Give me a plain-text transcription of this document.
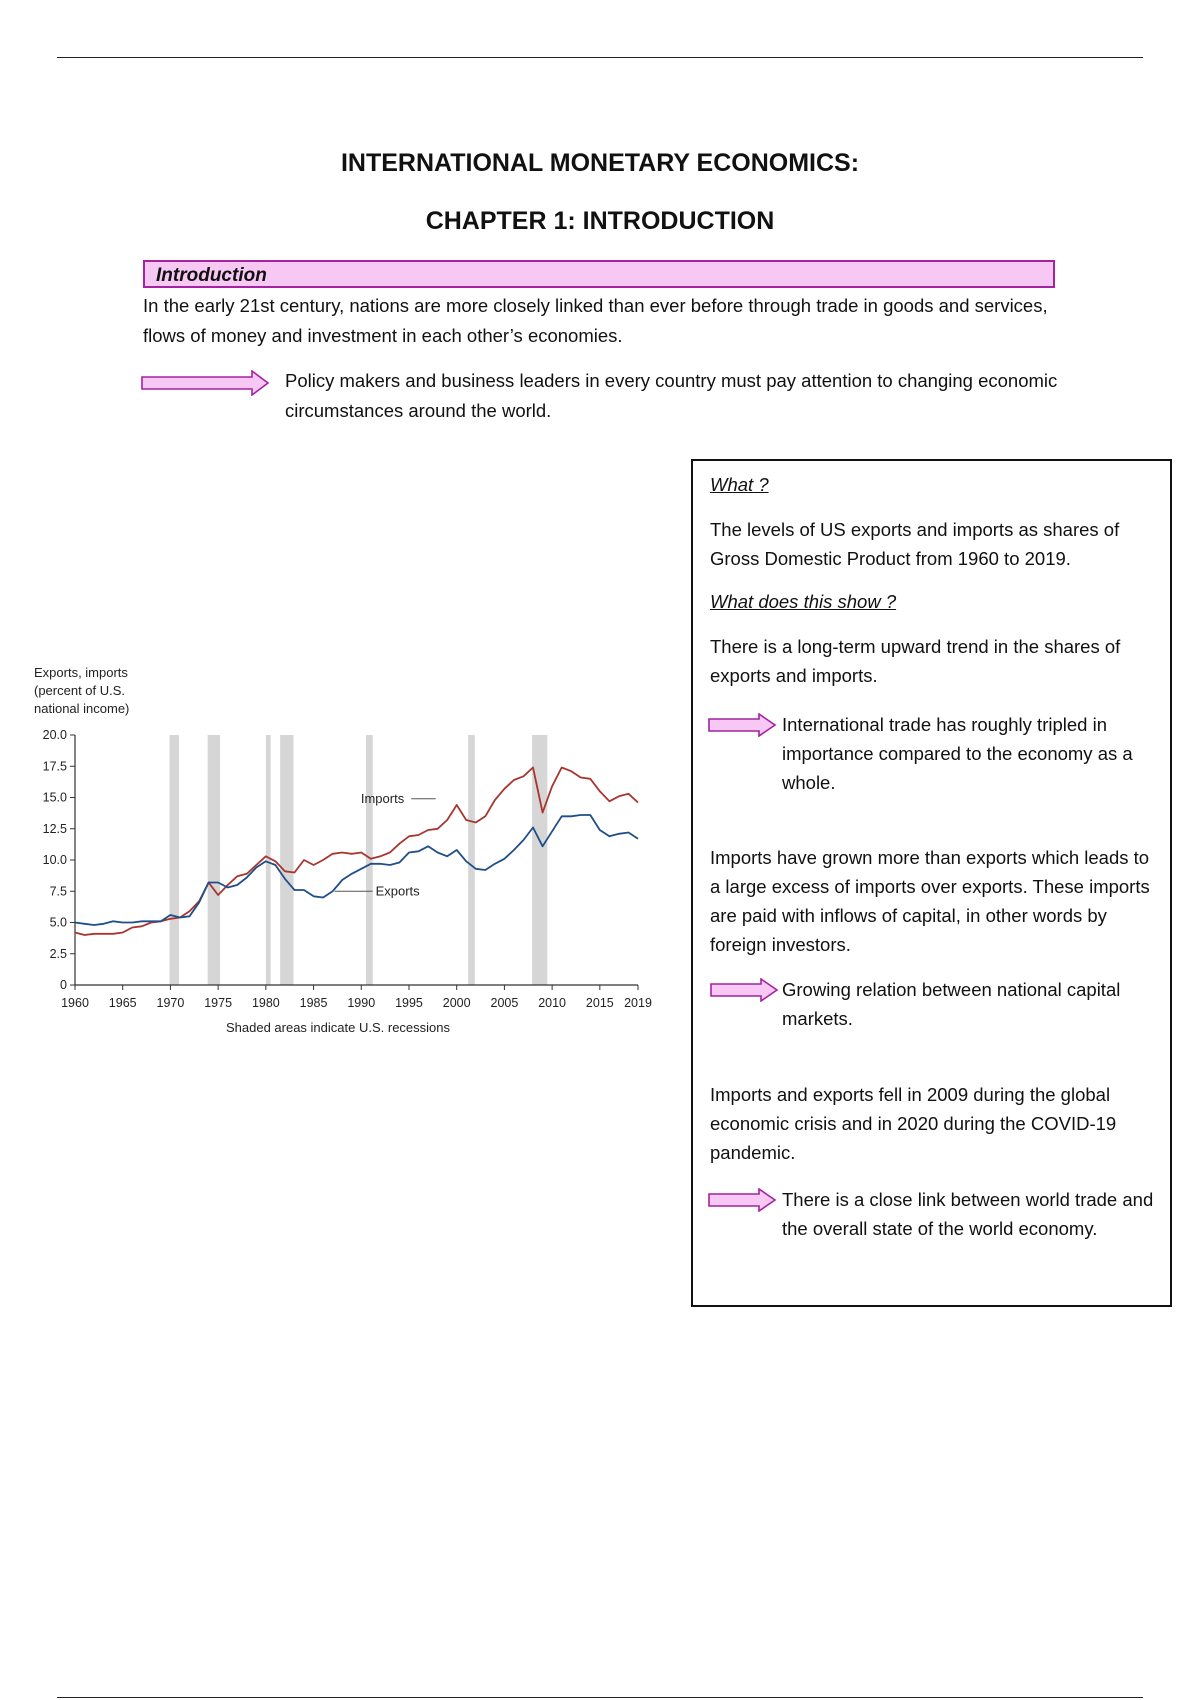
INTERNATIONAL MONETARY ECONOMICS:
CHAPTER 1: INTRODUCTION
Introduction
In the early 21st century, nations are more closely linked than ever before through trade in goods and services, flows of money and investment in each other’s economies.
Policy makers and business leaders in every country must pay attention to changing economic circumstances around the world.
Exports, imports
(percent of U.S.
national income)
0
2.5
5.0
7.5
10.0
12.5
15.0
17.5
20.0
1960 1965 1970 1975 1980 1985 1990 1995 2000 2005 2010 2015 2019
Imports
Exports
Shaded areas indicate U.S. recessions
What ?
The levels of US exports and imports as shares of Gross Domestic Product from 1960 to 2019.
What does this show ?
There is a long-term upward trend in the shares of exports and imports.
International trade has roughly tripled in importance compared to the economy as a whole.
Imports have grown more than exports which leads to a large excess of imports over exports. These imports are paid with inflows of capital, in other words by foreign investors.
Growing relation between national capital markets.
Imports and exports fell in 2009 during the global economic crisis and in 2020 during the COVID-19 pandemic.
There is a close link between world trade and the overall state of the world economy.
